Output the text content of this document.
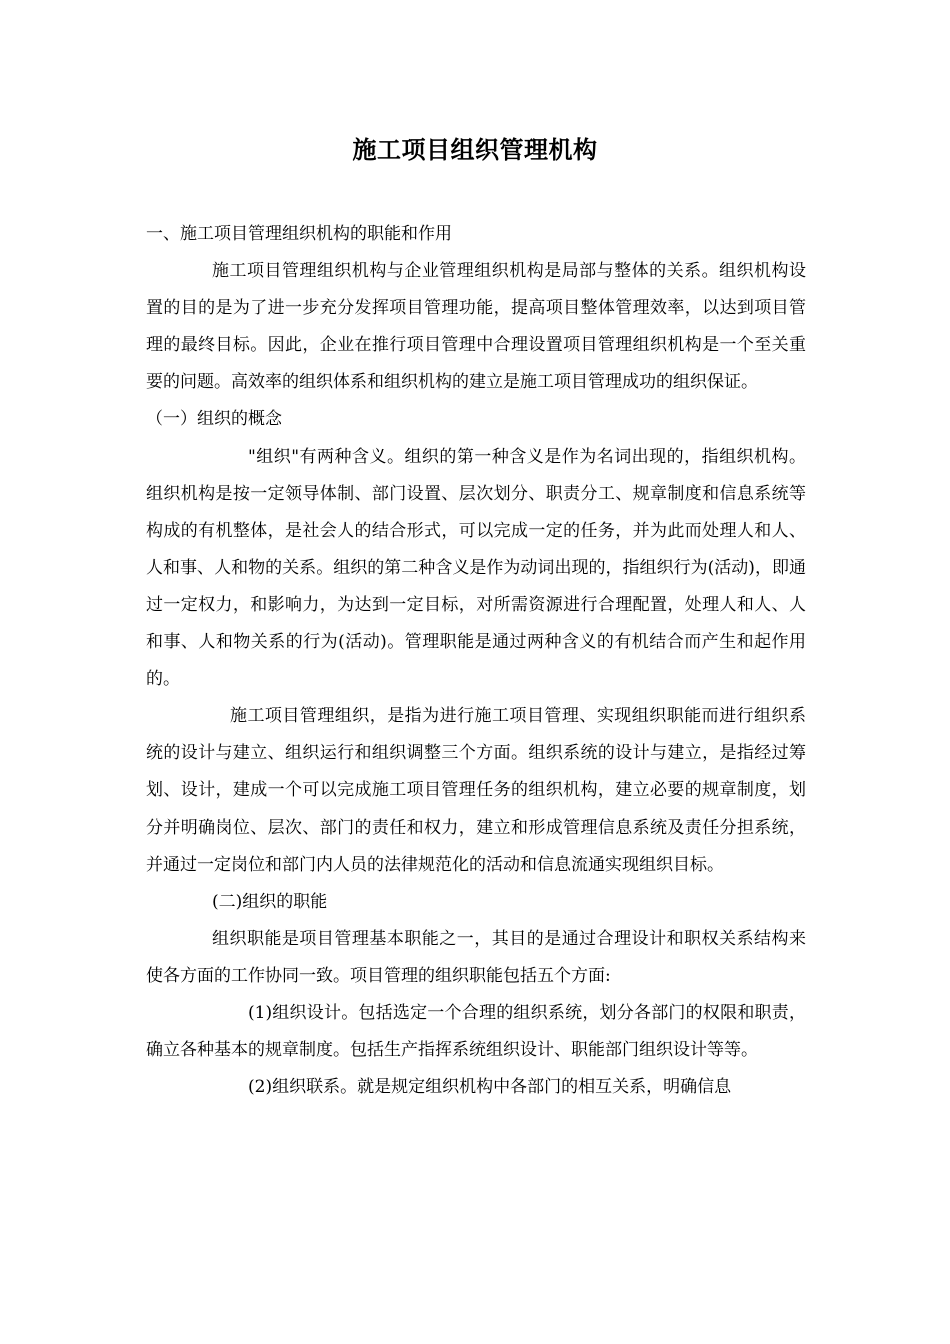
施工项目组织管理机构

一、施工项目管理组织机构的职能和作用

施工项目管理组织机构与企业管理组织机构是局部与整体的关系。组织机构设置的目的是为了进一步充分发挥项目管理功能，提高项目整体管理效率，以达到项目管理的最终目标。因此，企业在推行项目管理中合理设置项目管理组织机构是一个至关重要的问题。高效率的组织体系和组织机构的建立是施工项目管理成功的组织保证。

（一）组织的概念

"组织"有两种含义。组织的第一种含义是作为名词出现的，指组织机构。组织机构是按一定领导体制、部门设置、层次划分、职责分工、规章制度和信息系统等构成的有机整体，是社会人的结合形式，可以完成一定的任务，并为此而处理人和人、人和事、人和物的关系。组织的第二种含义是作为动词出现的，指组织行为(活动)，即通过一定权力，和影响力，为达到一定目标，对所需资源进行合理配置，处理人和人、人和事、人和物关系的行为(活动)。管理职能是通过两种含义的有机结合而产生和起作用的。

施工项目管理组织，是指为进行施工项目管理、实现组织职能而进行组织系统的设计与建立、组织运行和组织调整三个方面。组织系统的设计与建立，是指经过筹划、设计，建成一个可以完成施工项目管理任务的组织机构，建立必要的规章制度，划分并明确岗位、层次、部门的责任和权力，建立和形成管理信息系统及责任分担系统，并通过一定岗位和部门内人员的法律规范化的活动和信息流通实现组织目标。

(二)组织的职能

组织职能是项目管理基本职能之一，其目的是通过合理设计和职权关系结构来使各方面的工作协同一致。项目管理的组织职能包括五个方面:

(1)组织设计。包括选定一个合理的组织系统，划分各部门的权限和职责，确立各种基本的规章制度。包括生产指挥系统组织设计、职能部门组织设计等等。

(2)组织联系。就是规定组织机构中各部门的相互关系，明确信息
